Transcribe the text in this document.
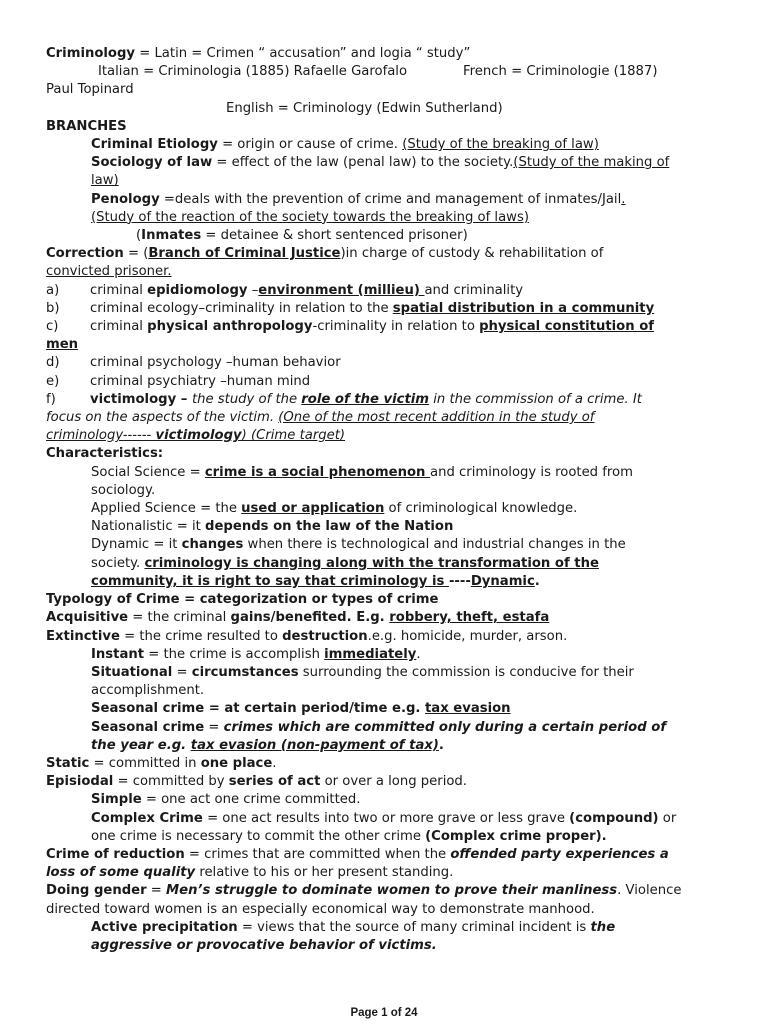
Criminology = Latin = Crimen “ accusation” and logia “ study”
Italian = Criminologia (1885) Rafaelle Garofalo	French = Criminologie (1887)
Paul Topinard
English = Criminology (Edwin Sutherland)
BRANCHES
Criminal Etiology = origin or cause of crime. (Study of the breaking of law)
Sociology of law = effect of the law (penal law) to the society.(Study of the making of
law)
Penology =deals with the prevention of crime and management of inmates/Jail.
(Study of the reaction of the society towards the breaking of laws)
(Inmates = detainee & short sentenced prisoner)
Correction = (Branch of Criminal Justice)in charge of custody & rehabilitation of
convicted prisoner.
a) criminal epidiomology –environment (millieu) and criminality
b) criminal ecology–criminality in relation to the spatial distribution in a community
c) criminal physical anthropology-criminality in relation to physical constitution of
men
d) criminal psychology –human behavior
e) criminal psychiatry –human mind
f)	victimology – the study of the role of the victim in the commission of a crime. It
focus on the aspects of the victim. (One of the most recent addition in the study of
criminology------ victimology) (Crime target)
Characteristics:
Social Science = crime is a social phenomenon and criminology is rooted from
sociology.
Applied Science = the used or application of criminological knowledge.
Nationalistic = it depends on the law of the Nation
Dynamic = it changes when there is technological and industrial changes in the
society. criminology is changing along with the transformation of the
community, it is right to say that criminology is ----Dynamic.
Typology of Crime = categorization or types of crime
Acquisitive = the criminal gains/benefited. E.g. robbery, theft, estafa
Extinctive = the crime resulted to destruction.e.g. homicide, murder, arson.
Instant = the crime is accomplish immediately.
Situational = circumstances surrounding the commission is conducive for their
accomplishment.
Seasonal crime = at certain period/time e.g. tax evasion
Seasonal crime = crimes which are committed only during a certain period of
the year e.g. tax evasion (non-payment of tax).
Static = committed in one place.
Episiodal = committed by series of act or over a long period.
Simple = one act one crime committed.
Complex Crime = one act results into two or more grave or less grave (compound) or
one crime is necessary to commit the other crime (Complex crime proper).
Crime of reduction = crimes that are committed when the offended party experiences a
loss of some quality relative to his or her present standing.
Doing gender = Men’s struggle to dominate women to prove their manliness. Violence
directed toward women is an especially economical way to demonstrate manhood.
Active precipitation = views that the source of many criminal incident is the
aggressive or provocative behavior of victims.
Page 1 of 24
